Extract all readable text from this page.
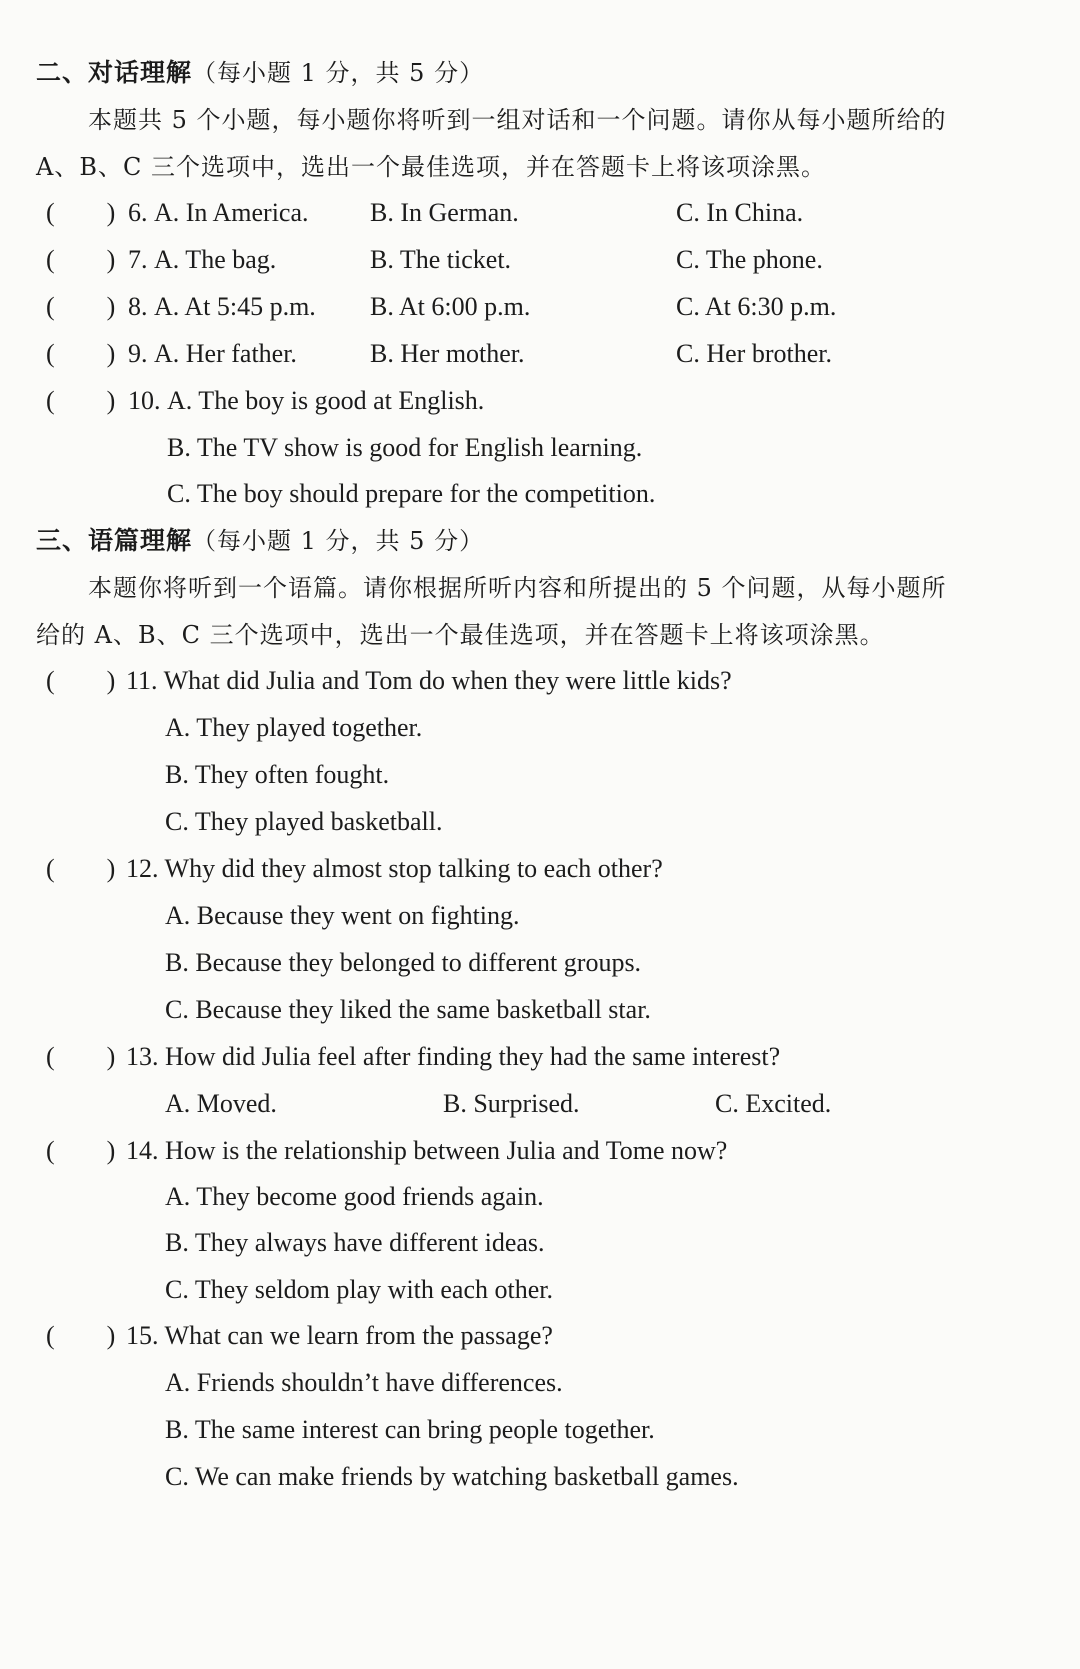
二、对话理解（每小题 1 分，共 5 分）
本题共 5 个小题，每小题你将听到一组对话和一个问题。请你从每小题所给的
A、B、C 三个选项中，选出一个最佳选项，并在答题卡上将该项涂黑。
(　　) 6. A. In America. B. In German.	C. In China.
(　　) 7. A. The bag.	B. The ticket.	C. The phone.
(　　) 8. A. At 5:45 p.m. B. At 6:00 p.m.	C. At 6:30 p.m.
(　　) 9. A. Her father.	B. Her mother.	C. Her brother.
(　　) 10. A. The boy is good at English.
B. The TV show is good for English learning.
C. The boy should prepare for the competition.
三、语篇理解（每小题 1 分，共 5 分）
本题你将听到一个语篇。请你根据所听内容和所提出的 5 个问题，从每小题所
给的 A、B、C 三个选项中，选出一个最佳选项，并在答题卡上将该项涂黑。
(　　) 11. What did Julia and Tom do when they were little kids?
A. They played together.
B. They often fought.
C. They played basketball.
(　　) 12. Why did they almost stop talking to each other?
A. Because they went on fighting.
B. Because they belonged to different groups.
C. Because they liked the same basketball star.
(　　) 13. How did Julia feel after finding they had the same interest?
A. Moved.	B. Surprised.	C. Excited.
(　　) 14. How is the relationship between Julia and Tome now?
A. They become good friends again.
B. They always have different ideas.
C. They seldom play with each other.
(　　) 15. What can we learn from the passage?
A. Friends shouldn’t have differences.
B. The same interest can bring people together.
C. We can make friends by watching basketball games.
